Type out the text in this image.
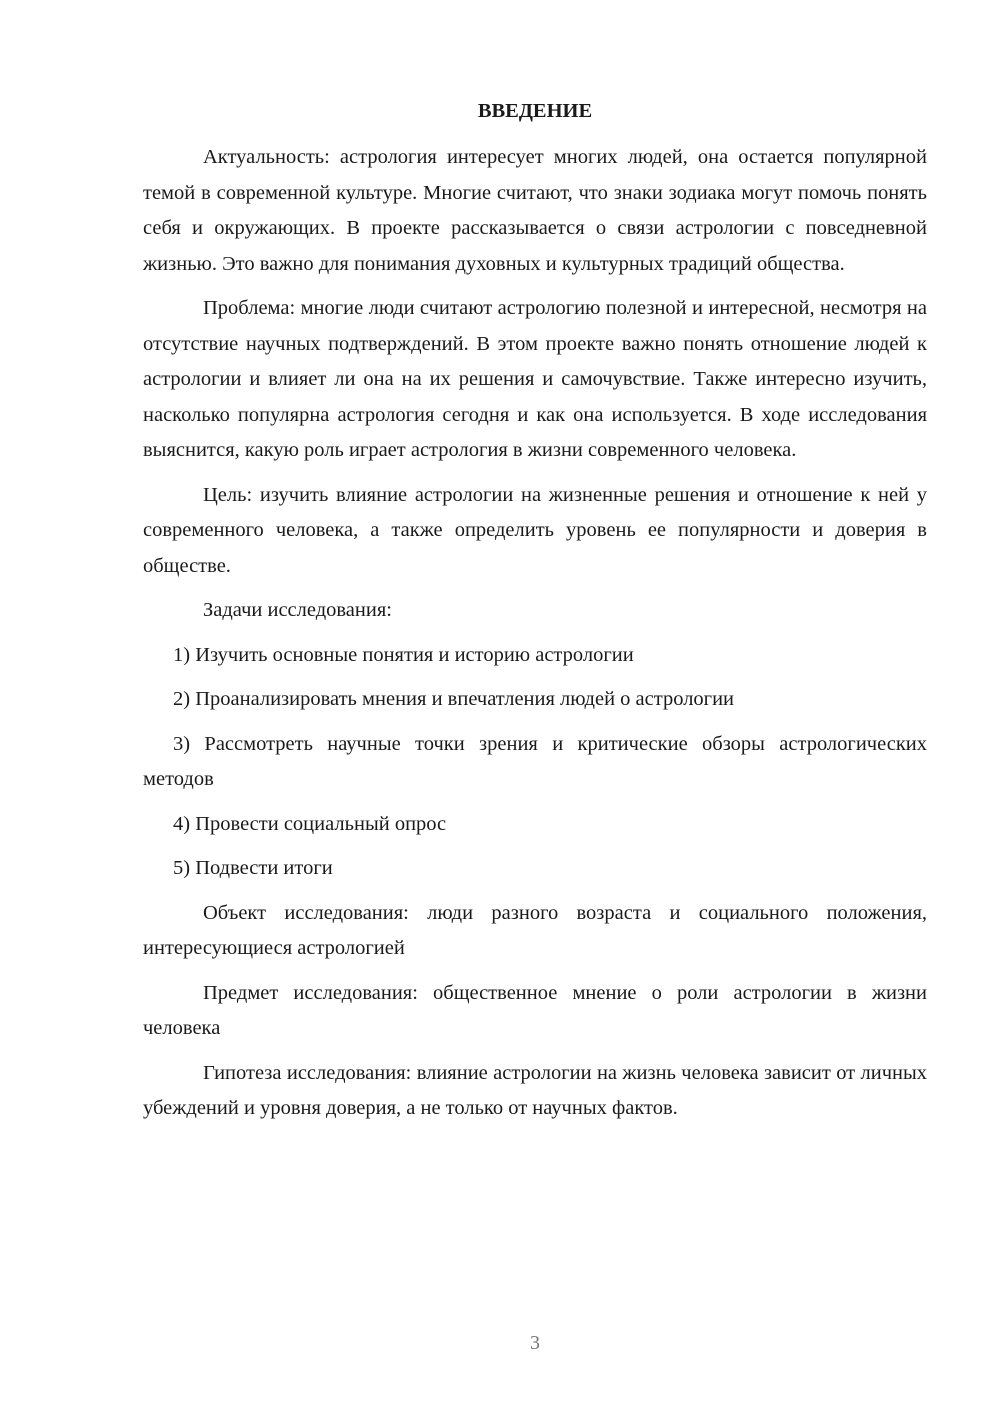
ВВЕДЕНИЕ

Актуальность: астрология интересует многих людей, она остается популярной темой в современной культуре. Многие считают, что знаки зодиака могут помочь понять себя и окружающих. В проекте рассказывается о связи астрологии с повседневной жизнью. Это важно для понимания духовных и культурных традиций общества.

Проблема: многие люди считают астрологию полезной и интересной, несмотря на отсутствие научных подтверждений. В этом проекте важно понять отношение людей к астрологии и влияет ли она на их решения и самочувствие. Также интересно изучить, насколько популярна астрология сегодня и как она используется. В ходе исследования выяснится, какую роль играет астрология в жизни современного человека.

Цель: изучить влияние астрологии на жизненные решения и отношение к ней у современного человека, а также определить уровень ее популярности и доверия в обществе.

Задачи исследования:

1) Изучить основные понятия и историю астрологии

2) Проанализировать мнения и впечатления людей о астрологии

3) Рассмотреть научные точки зрения и критические обзоры астрологических методов

4) Провести социальный опрос

5) Подвести итоги

Объект исследования: люди разного возраста и социального положения, интересующиеся астрологией

Предмет исследования: общественное мнение о роли астрологии в жизни человека

Гипотеза исследования: влияние астрологии на жизнь человека зависит от личных убеждений и уровня доверия, а не только от научных фактов.

3
